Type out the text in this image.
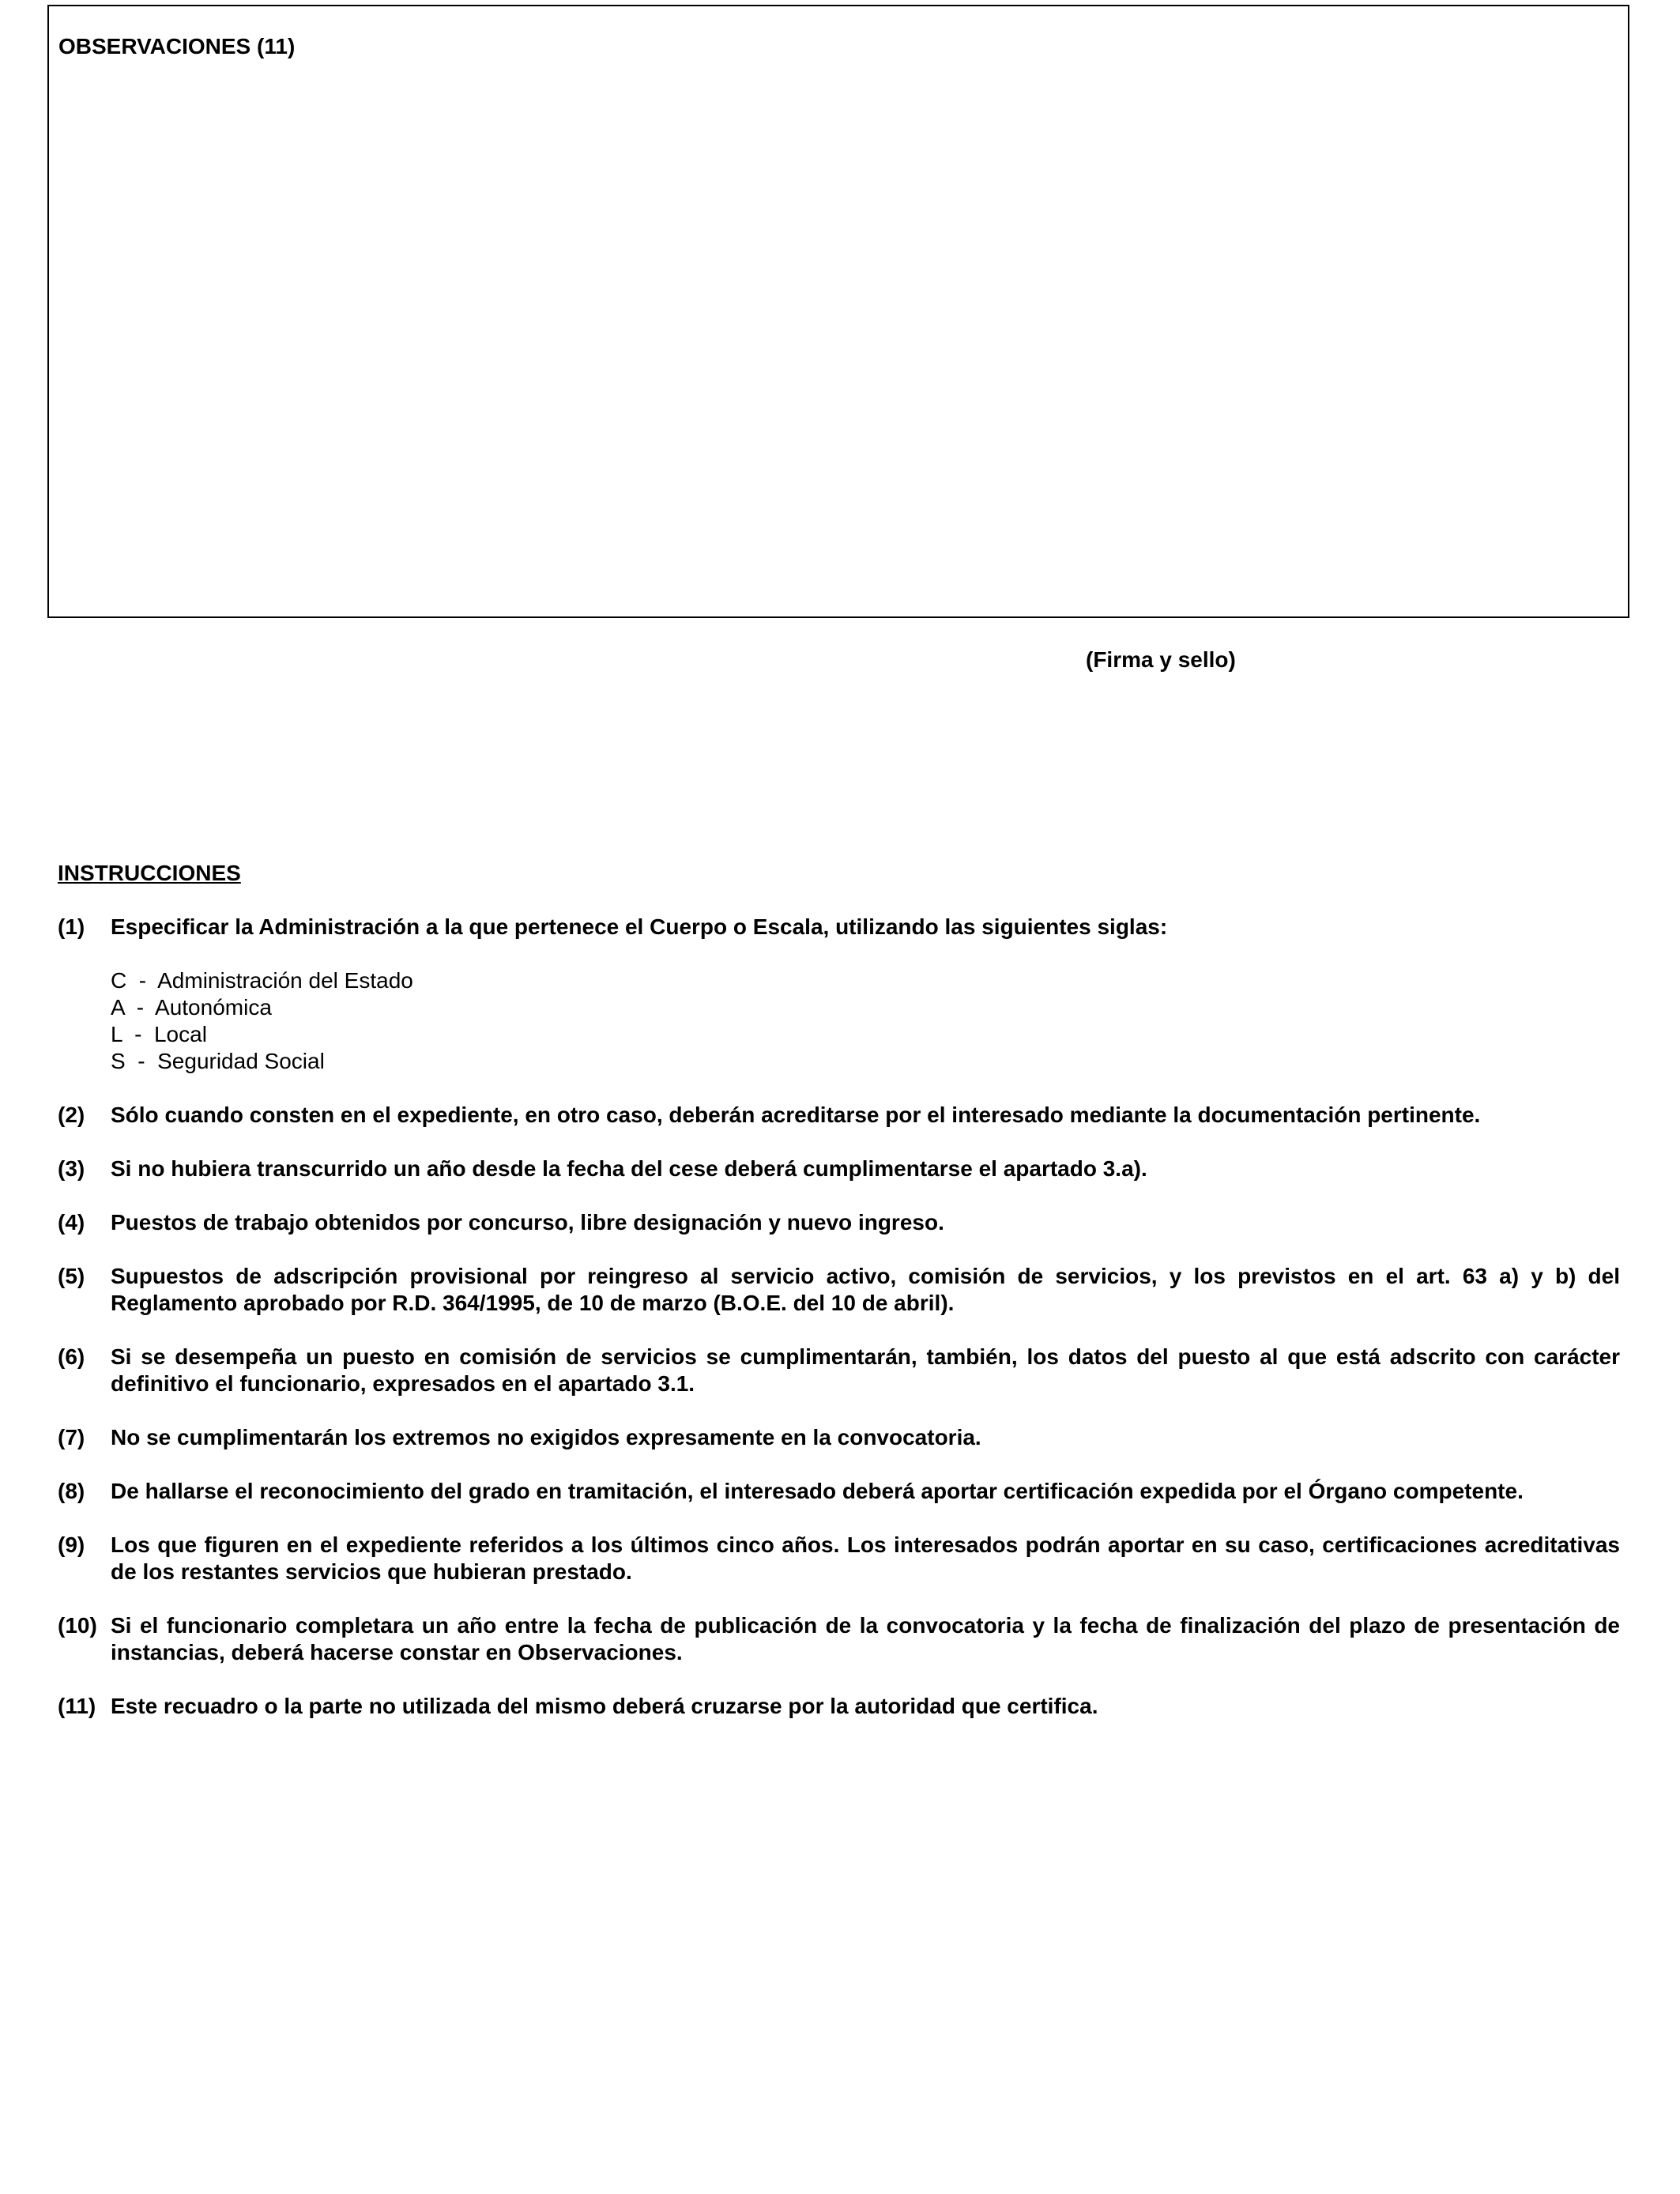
OBSERVACIONES (11)
(Firma y sello)
INSTRUCCIONES
(1)	Especificar la Administración a la que pertenece el Cuerpo o Escala, utilizando las siguientes siglas:
C  -  Administración del Estado
A  -  Autonómica
L  -  Local
S  -  Seguridad Social
(2)	Sólo cuando consten en el expediente, en otro caso, deberán acreditarse por el interesado mediante la documentación pertinente.
(3)	Si no hubiera transcurrido un año desde la fecha del cese deberá cumplimentarse el apartado 3.a).
(4)	Puestos de trabajo obtenidos por concurso, libre designación y nuevo ingreso.
(5)	Supuestos de adscripción provisional por reingreso al servicio activo, comisión de servicios, y los previstos en el art. 63 a) y b) del Reglamento aprobado por R.D. 364/1995, de 10 de marzo (B.O.E. del 10 de abril).
(6)	Si se desempeña un puesto en comisión de servicios se cumplimentarán, también, los datos del puesto al que está adscrito con carácter definitivo el funcionario, expresados en el apartado 3.1.
(7)	No se cumplimentarán los extremos no exigidos expresamente en la convocatoria.
(8)	De hallarse el reconocimiento del grado en tramitación, el interesado deberá aportar certificación expedida por el Órgano competente.
(9)	Los que figuren en el expediente referidos a los últimos cinco años. Los interesados podrán aportar en su caso, certificaciones acreditativas de los restantes servicios que hubieran prestado.
(10) Si el funcionario completara un año entre la fecha de publicación de la convocatoria y la fecha de finalización del plazo de presentación de instancias, deberá hacerse constar en Observaciones.
(11) Este recuadro o la parte no utilizada del mismo deberá cruzarse por la autoridad que certifica.
